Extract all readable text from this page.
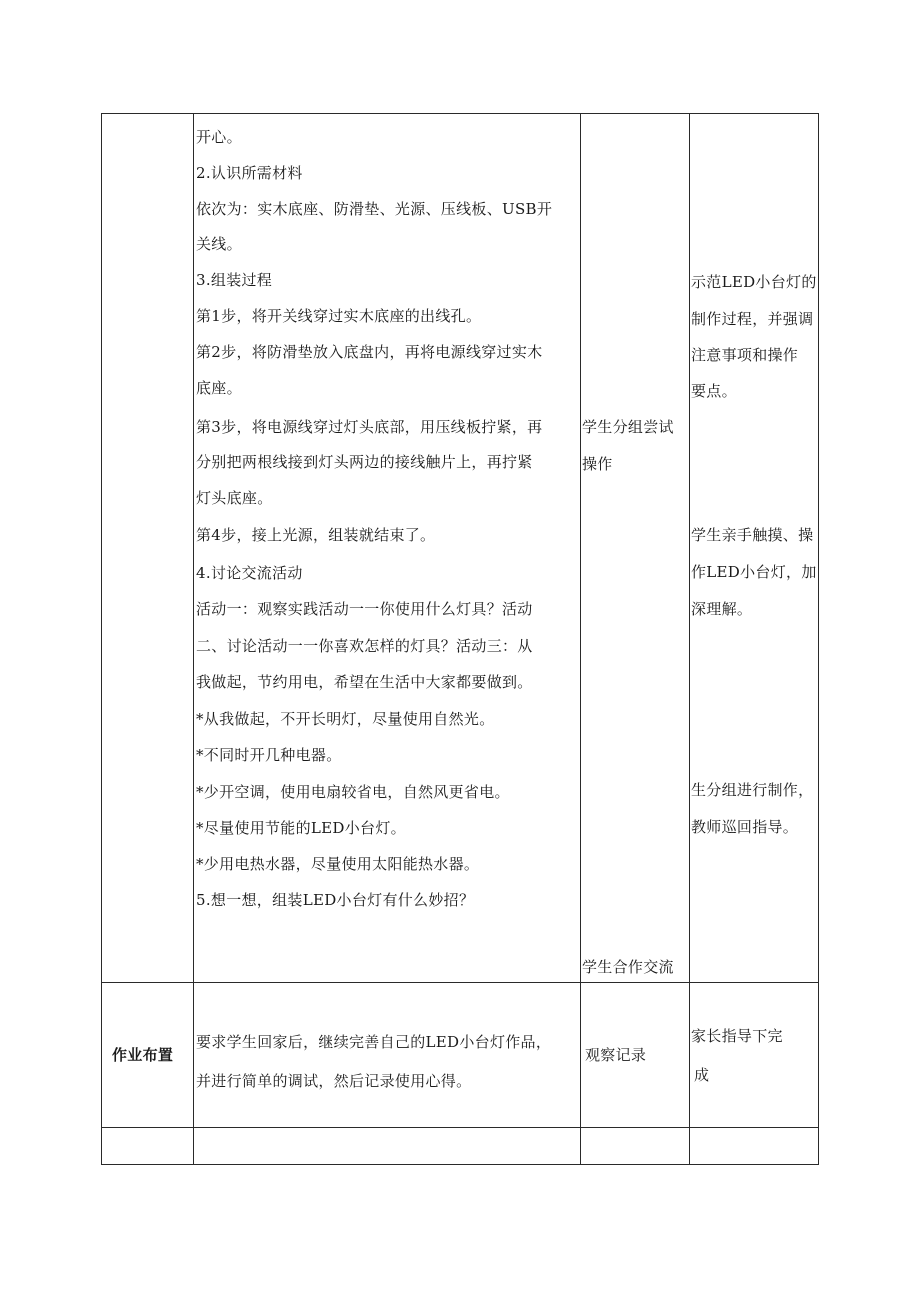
开心。
2.认识所需材料
依次为：实木底座、防滑垫、光源、压线板、USB开
关线。
3.组装过程
第1步，将开关线穿过实木底座的出线孔。
第2步，将防滑垫放入底盘内，再将电源线穿过实木
底座。
第3步，将电源线穿过灯头底部，用压线板拧紧，再
分别把两根线接到灯头两边的接线触片上，再拧紧
灯头底座。
第4步，接上光源，组装就结束了。
4.讨论交流活动
活动一：观察实践活动一一你使用什么灯具？活动
二、讨论活动一一你喜欢怎样的灯具？活动三：从
我做起，节约用电，希望在生活中大家都要做到。
*从我做起，不开长明灯，尽量使用自然光。
*不同时开几种电器。
*少开空调，使用电扇较省电，自然风更省电。
*尽量使用节能的LED小台灯。
*少用电热水器，尽量使用太阳能热水器。
5.想一想，组装LED小台灯有什么妙招？
学生分组尝试
操作
学生合作交流
示范LED小台灯的
制作过程，并强调
注意事项和操作
要点。
学生亲手触摸、操
作LED小台灯，加
深理解。
生分组进行制作，
教师巡回指导。
作业布置
要求学生回家后，继续完善自己的LED小台灯作品，
并进行简单的调试，然后记录使用心得。
观察记录
家长指导下完
成
